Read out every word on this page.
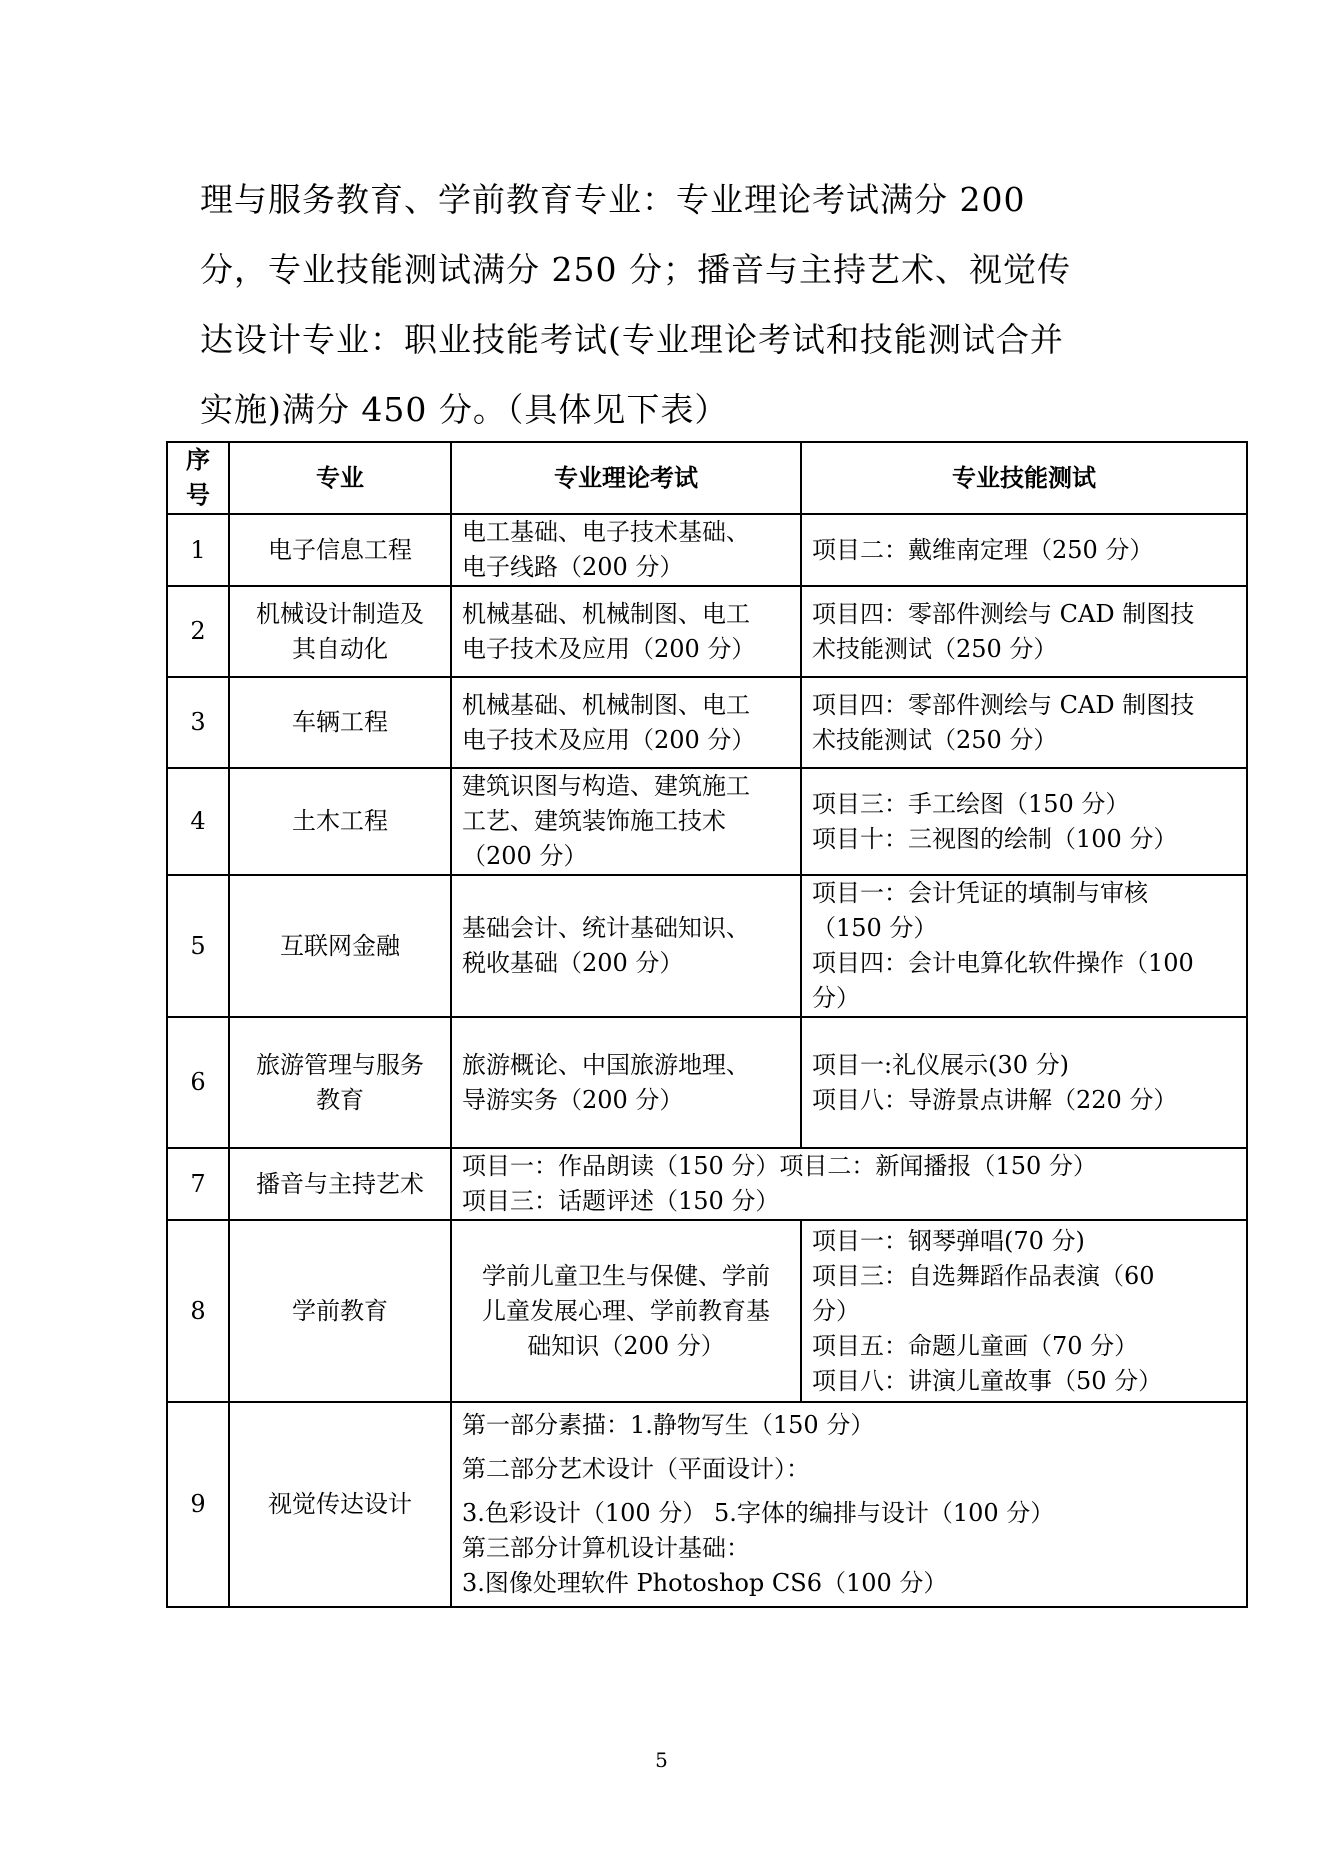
理与服务教育、学前教育专业：专业理论考试满分 200
分，专业技能测试满分 250 分；播音与主持艺术、视觉传
达设计专业：职业技能考试(专业理论考试和技能测试合并
实施)满分 450 分。（具体见下表）
序
号	专业	专业理论考试	专业技能测试
1	电子信息工程	电工基础、电子技术基础、
电子线路（200 分）	项目二：戴维南定理（250 分）

2	机械设计制造及
其自动化	机械基础、机械制图、电工
电子技术及应用（200 分）	项目四：零部件测绘与 CAD 制图技
术技能测试（250 分）

3	车辆工程	机械基础、机械制图、电工
电子技术及应用（200 分）	项目四：零部件测绘与 CAD 制图技
术技能测试（250 分）

4	土木工程	建筑识图与构造、建筑施工
工艺、建筑装饰施工技术
（200 分）	项目三：手工绘图（150 分）
项目十：三视图的绘制（100 分）

5	互联网金融	基础会计、统计基础知识、
税收基础（200 分）	项目一：会计凭证的填制与审核
（150 分）
项目四：会计电算化软件操作（100
分）

6	旅游管理与服务
教育	旅游概论、中国旅游地理、
导游实务（200 分）	项目一:礼仪展示(30 分)
项目八：导游景点讲解（220 分）

7	播音与主持艺术	项目一：作品朗读（150 分）项目二：新闻播报（150 分）
项目三：话题评述（150 分）	

8	学前教育	学前儿童卫生与保健、学前
儿童发展心理、学前教育基
础知识（200 分）	项目一：钢琴弹唱(70 分)
项目三：自选舞蹈作品表演（60
分）
项目五：命题儿童画（70 分）
项目八：讲演儿童故事（50 分）

9	视觉传达设计	第一部分素描：1.静物写生（150 分）
第二部分艺术设计（平面设计）：
3.色彩设计（100 分） 5.字体的编排与设计（100 分）
第三部分计算机设计基础：
3.图像处理软件 Photoshop CS6（100 分）	
5
